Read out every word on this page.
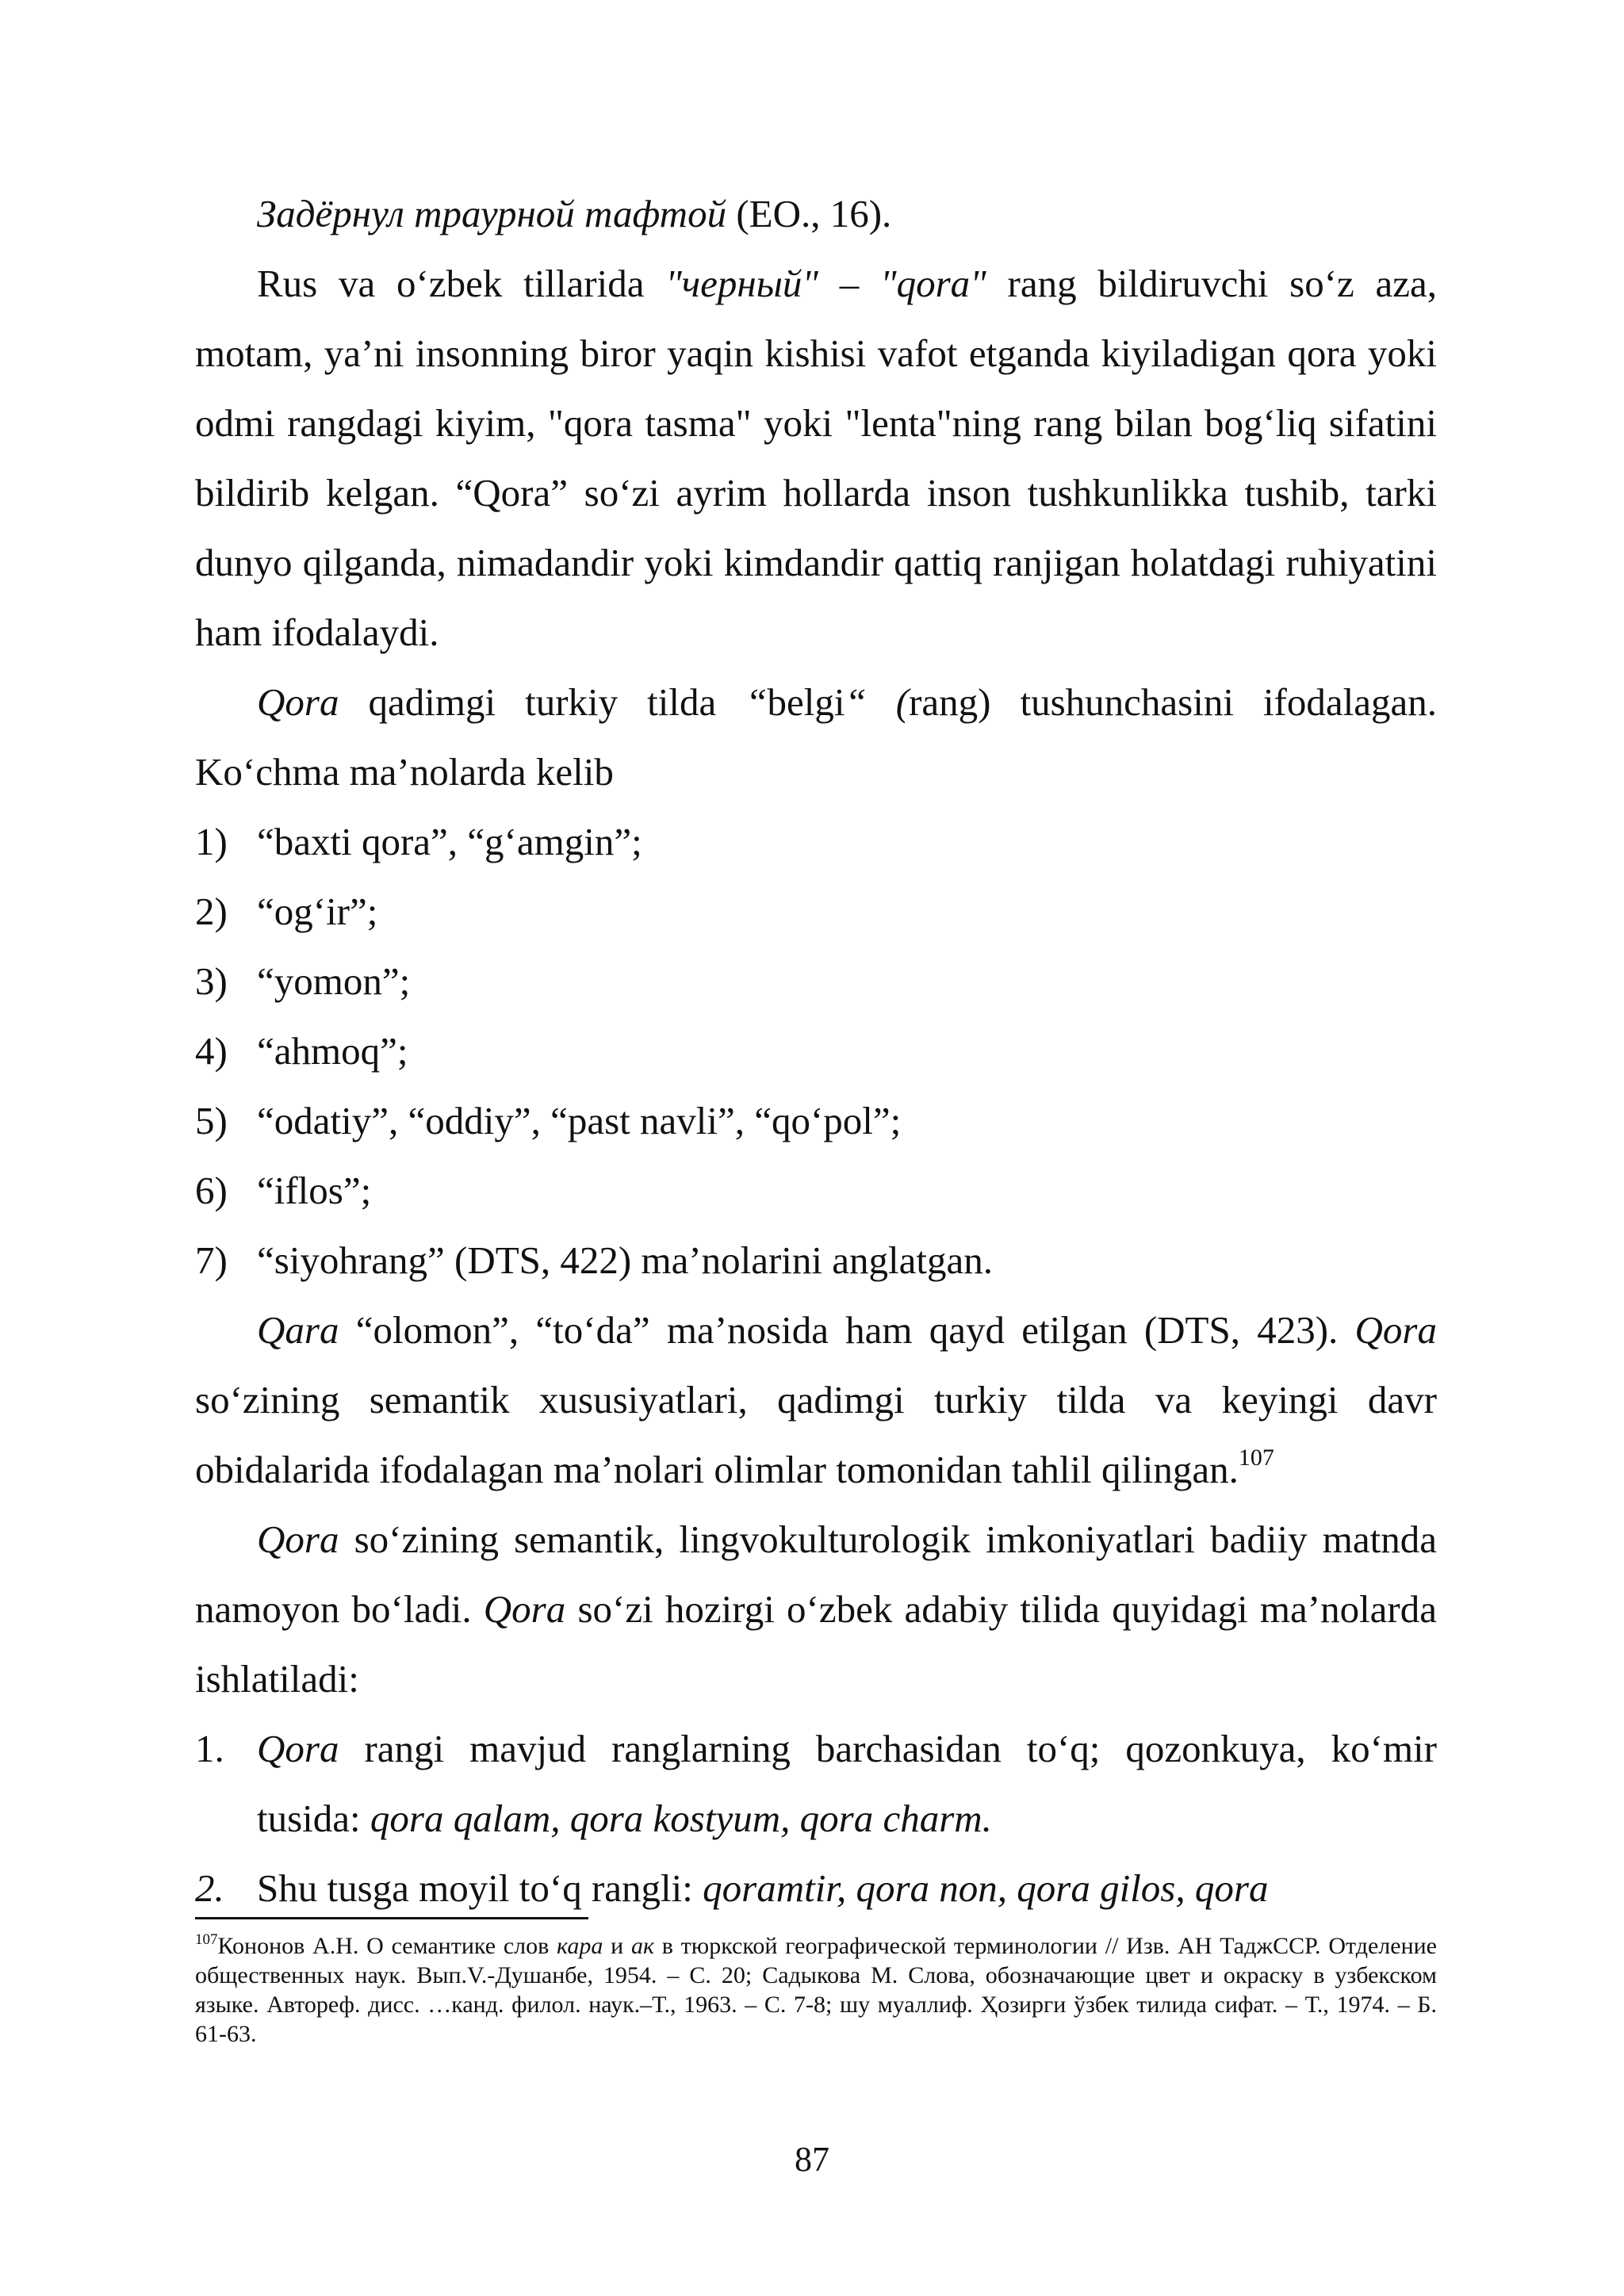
Задёрнул траурной тафтой (ЕО., 16).

Rus va o‘zbek tillarida "черный" – "qora" rang bildiruvchi so‘z aza, motam, ya’ni insonning biror yaqin kishisi vafot etganda kiyiladigan qora yoki odmi rangdagi kiyim, "qora tasma" yoki "lenta"ning rang bilan bog‘liq sifatini bildirib kelgan. “Qora” so‘zi ayrim hollarda inson tushkunlikka tushib, tarki dunyo qilganda, nimadandir yoki kimdandir qattiq ranjigan holatdagi ruhiyatini ham ifodalaydi.

Qora qadimgi turkiy tilda “belgi“ (rang) tushunchasini ifodalagan. Ko‘chma ma’nolarda kelib

1) “baxti qora”, “g‘amgin”;

2) “og‘ir”;

3) “yomon”;

4) “ahmoq”;

5) “odatiy”, “oddiy”, “past navli”, “qo‘pol”;

6) “iflos”;

7) “siyohrang” (DTS, 422) ma’nolarini anglatgan.

Qara “olomon”, “to‘da” ma’nosida ham qayd etilgan (DTS, 423). Qora so‘zining semantik xususiyatlari, qadimgi turkiy tilda va keyingi davr obidalarida ifodalagan ma’nolari olimlar tomonidan tahlil qilingan.$^{107}$

Qora so‘zining semantik, lingvokulturologik imkoniyatlari badiiy matnda namoyon bo‘ladi. Qora so‘zi hozirgi o‘zbek adabiy tilida quyidagi ma’nolarda ishlatiladi:

1. Qora rangi mavjud ranglarning barchasidan to‘q; qozonkuya, ko‘mir tusida: qora qalam, qora kostyum, qora charm.

2. Shu tusga moyil to‘q rangli: qoramtir, qora non, qora gilos, qora

$^{107}$Кононов А.Н. О семантике слов кара и ак в тюркской географической терминологии // Изв. АН ТаджССР. Отделение общественных наук. Вып.V.-Душанбе, 1954. – С. 20; Садыкова М. Слова, обозначающие цвет и окраску в узбекском языке. Автореф. дисс. …канд. филол. наук.–Т., 1963. – С. 7-8; шу муаллиф. Ҳозирги ўзбек тилида сифат. – Т., 1974. – Б. 61-63.
87
